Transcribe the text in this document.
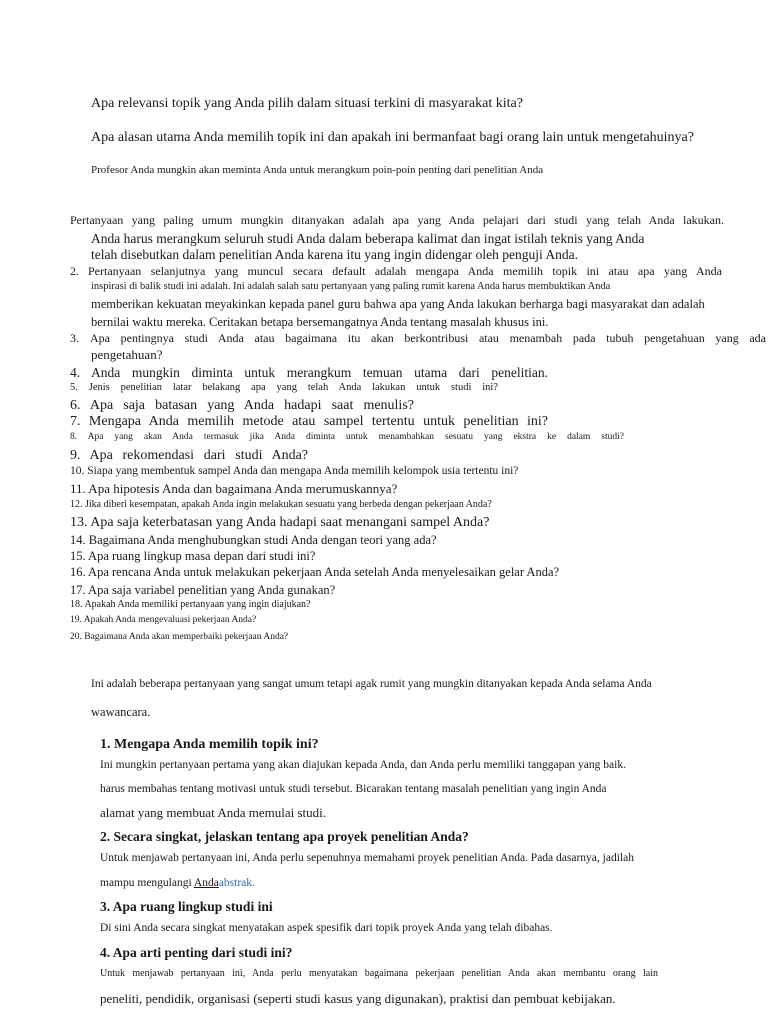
Apa relevansi topik yang Anda pilih dalam situasi terkini di masyarakat kita?
Apa alasan utama Anda memilih topik ini dan apakah ini bermanfaat bagi orang lain untuk mengetahuinya?
Profesor Anda mungkin akan meminta Anda untuk merangkum poin-poin penting dari penelitian Anda
Pertanyaan yang paling umum mungkin ditanyakan adalah apa yang Anda pelajari dari studi yang telah Anda lakukan.
Anda harus merangkum seluruh studi Anda dalam beberapa kalimat dan ingat istilah teknis yang Anda
telah disebutkan dalam penelitian Anda karena itu yang ingin didengar oleh penguji Anda.
2. Pertanyaan selanjutnya yang muncul secara default adalah mengapa Anda memilih topik ini atau apa yang Anda
inspirasi di balik studi ini adalah. Ini adalah salah satu pertanyaan yang paling rumit karena Anda harus membuktikan Anda
memberikan kekuatan meyakinkan kepada panel guru bahwa apa yang Anda lakukan berharga bagi masyarakat dan adalah
bernilai waktu mereka. Ceritakan betapa bersemangatnya Anda tentang masalah khusus ini.
3. Apa pentingnya studi Anda atau bagaimana itu akan berkontribusi atau menambah pada tubuh pengetahuan yang ada
pengetahuan?
4. Anda mungkin diminta untuk merangkum temuan utama dari penelitian.
5. Jenis penelitian latar belakang apa yang telah Anda lakukan untuk studi ini?
6. Apa saja batasan yang Anda hadapi saat menulis?
7. Mengapa Anda memilih metode atau sampel tertentu untuk penelitian ini?
8. Apa yang akan Anda termasuk jika Anda diminta untuk menambahkan sesuatu yang ekstra ke dalam studi?
9. Apa rekomendasi dari studi Anda?
10. Siapa yang membentuk sampel Anda dan mengapa Anda memilih kelompok usia tertentu ini?
11. Apa hipotesis Anda dan bagaimana Anda merumuskannya?
12. Jika diberi kesempatan, apakah Anda ingin melakukan sesuatu yang berbeda dengan pekerjaan Anda?
13. Apa saja keterbatasan yang Anda hadapi saat menangani sampel Anda?
14. Bagaimana Anda menghubungkan studi Anda dengan teori yang ada?
15. Apa ruang lingkup masa depan dari studi ini?
16. Apa rencana Anda untuk melakukan pekerjaan Anda setelah Anda menyelesaikan gelar Anda?
17. Apa saja variabel penelitian yang Anda gunakan?
18. Apakah Anda memiliki pertanyaan yang ingin diajukan?
19. Apakah Anda mengevaluasi pekerjaan Anda?
20. Bagaimana Anda akan memperbaiki pekerjaan Anda?
Ini adalah beberapa pertanyaan yang sangat umum tetapi agak rumit yang mungkin ditanyakan kepada Anda selama Anda
wawancara.
1. Mengapa Anda memilih topik ini?
Ini mungkin pertanyaan pertama yang akan diajukan kepada Anda, dan Anda perlu memiliki tanggapan yang baik.
harus membahas tentang motivasi untuk studi tersebut. Bicarakan tentang masalah penelitian yang ingin Anda
alamat yang membuat Anda memulai studi.
2. Secara singkat, jelaskan tentang apa proyek penelitian Anda?
Untuk menjawab pertanyaan ini, Anda perlu sepenuhnya memahami proyek penelitian Anda. Pada dasarnya, jadilah
mampu mengulangi Andaabstrak.
3. Apa ruang lingkup studi ini
Di sini Anda secara singkat menyatakan aspek spesifik dari topik proyek Anda yang telah dibahas.
4. Apa arti penting dari studi ini?
Untuk menjawab pertanyaan ini, Anda perlu menyatakan bagaimana pekerjaan penelitian Anda akan membantu orang lain
peneliti, pendidik, organisasi (seperti studi kasus yang digunakan), praktisi dan pembuat kebijakan.
